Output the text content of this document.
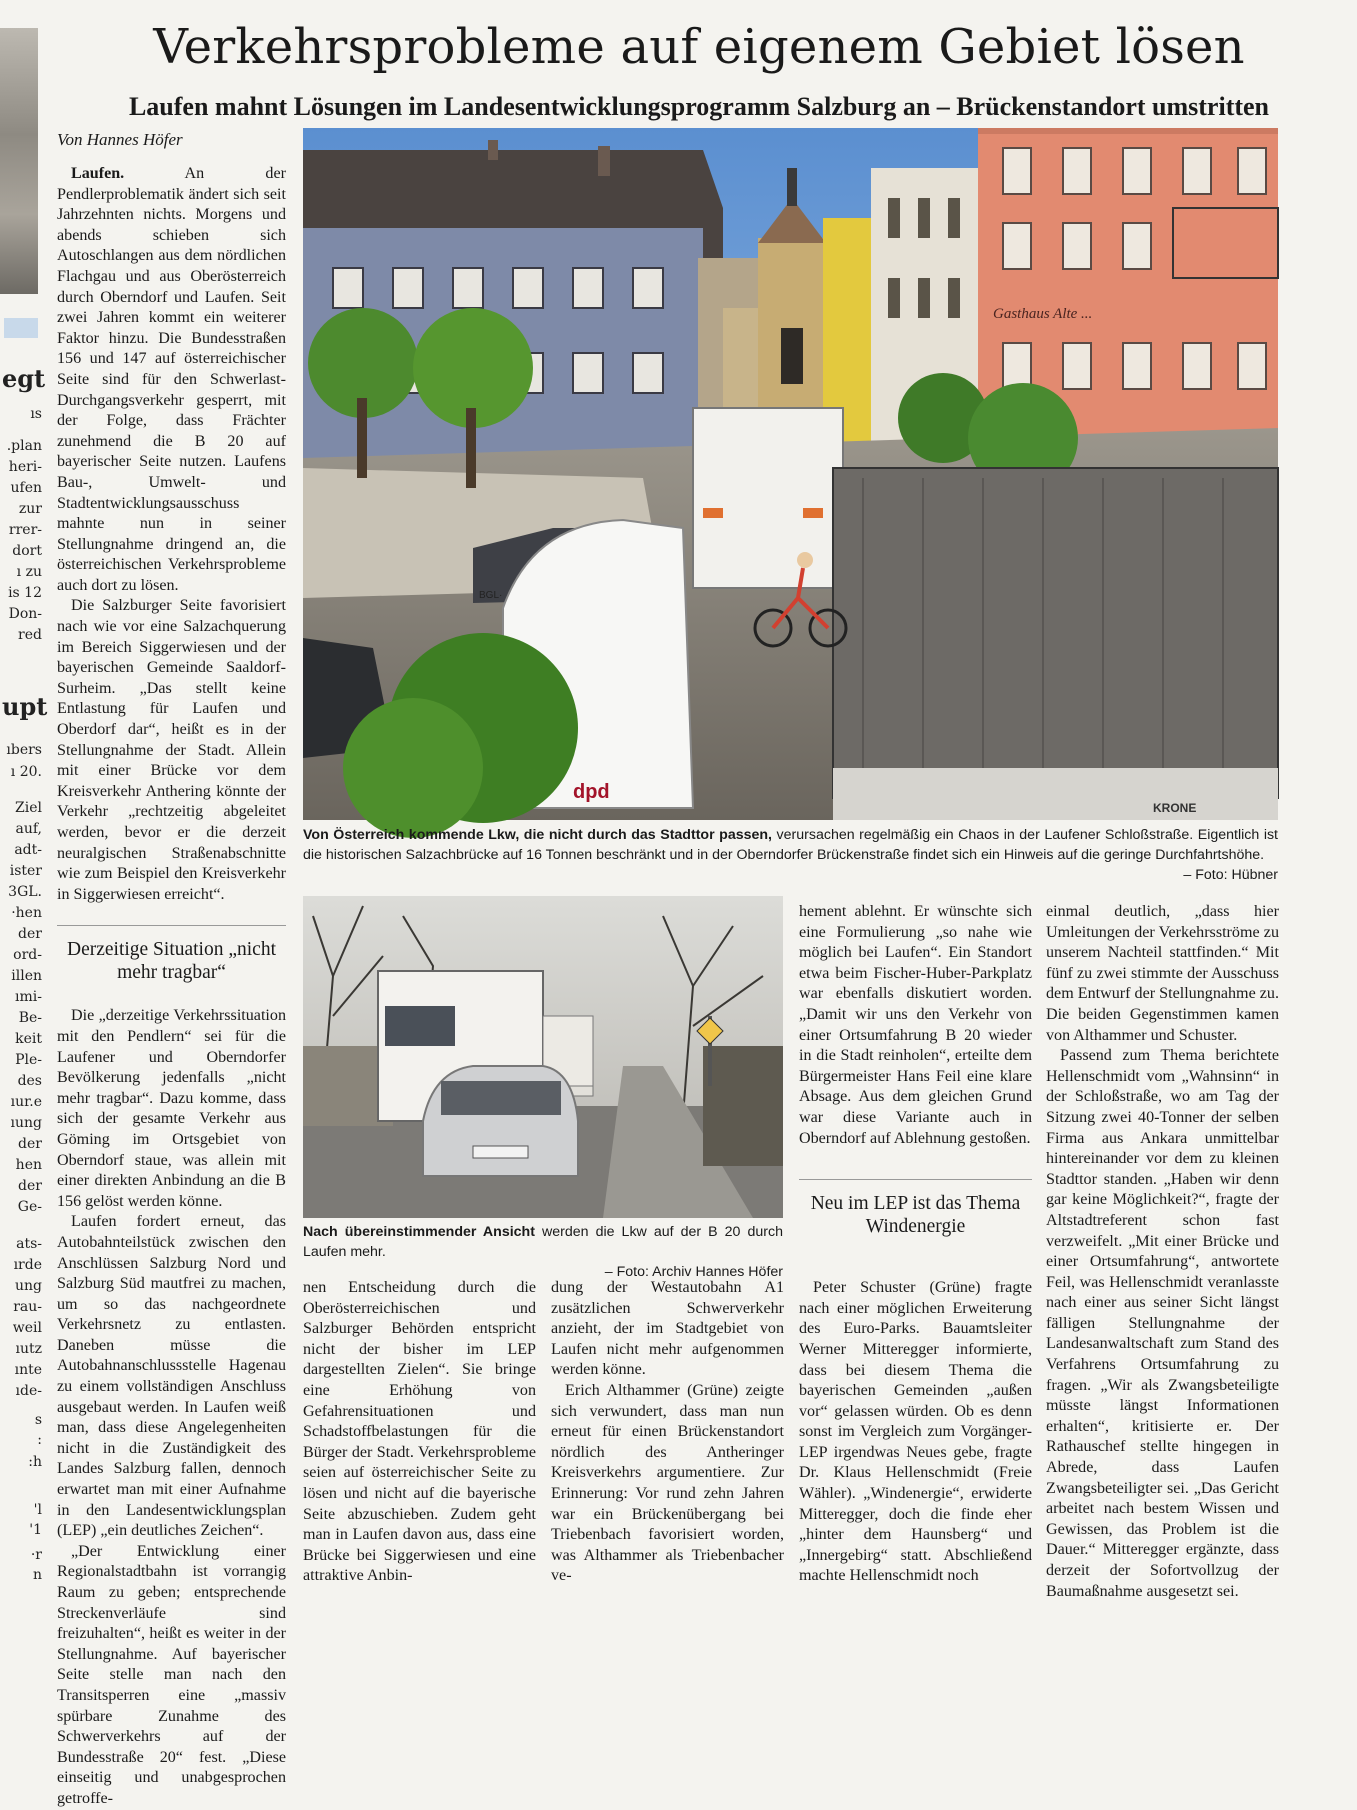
egt
ıs
.plan
heri-
ufen
zur
rrer-
dort
ı zu
is 12
Don-
red
upt
ıbers
ı 20.
Ziel
auf,
adt-
ister
3GL.
·hen
der
ord-
illen
ımi-
Be-
keit
Ple-
des
ıur.e
ıung
der
hen
der
Ge-
ats-
ırde
ung
rau-
weil
ıutz
ınte
ıde-
s
:
:h
'l
'1
·r
n
Verkehrsprobleme auf eigenem Gebiet lösen
Laufen mahnt Lösungen im Landesentwicklungsprogramm Salzburg an – Brückenstandort umstritten
Von Hannes Höfer

Laufen. An der Pendlerproblematik ändert sich seit Jahrzehnten nichts. Morgens und abends schieben sich Autoschlangen aus dem nördlichen Flachgau und aus Oberösterreich durch Oberndorf und Laufen. Seit zwei Jahren kommt ein weiterer Faktor hinzu. Die Bundesstraßen 156 und 147 auf österreichischer Seite sind für den Schwerlast-Durchgangsverkehr gesperrt, mit der Folge, dass Frächter zunehmend die B 20 auf bayerischer Seite nutzen. Laufens Bau-, Umwelt- und Stadtentwicklungsausschuss mahnte nun in seiner Stellungnahme dringend an, die österreichischen Verkehrsprobleme auch dort zu lösen.

Die Salzburger Seite favorisiert nach wie vor eine Salzachquerung im Bereich Siggerwiesen und der bayerischen Gemeinde Saaldorf-Surheim. „Das stellt keine Entlastung für Laufen und Oberdorf dar“, heißt es in der Stellungnahme der Stadt. Allein mit einer Brücke vor dem Kreisverkehr Anthering könnte der Verkehr „rechtzeitig abgeleitet werden, bevor er die derzeit neuralgischen Straßenabschnitte wie zum Beispiel den Kreisverkehr in Siggerwiesen erreicht“.

Derzeitige Situation „nicht mehr tragbar“

Die „derzeitige Verkehrssituation mit den Pendlern“ sei für die Laufener und Oberndorfer Bevölkerung jedenfalls „nicht mehr tragbar“. Dazu komme, dass sich der gesamte Verkehr aus Göming im Ortsgebiet von Oberndorf staue, was allein mit einer direkten Anbindung an die B 156 gelöst werden könne.

Laufen fordert erneut, das Autobahnteilstück zwischen den Anschlüssen Salzburg Nord und Salzburg Süd mautfrei zu machen, um so das nachgeordnete Verkehrsnetz zu entlasten. Daneben müsse die Autobahnanschlussstelle Hagenau zu einem vollständigen Anschluss ausgebaut werden. In Laufen weiß man, dass diese Angelegenheiten nicht in die Zuständigkeit des Landes Salzburg fallen, dennoch erwartet man mit einer Aufnahme in den Landesentwicklungsplan (LEP) „ein deutliches Zeichen“.

„Der Entwicklung einer Regionalstadtbahn ist vorrangig Raum zu geben; entsprechende Streckenverläufe sind freizuhalten“, heißt es weiter in der Stellungnahme. Auf bayerischer Seite stelle man nach den Transitsperren eine „massiv spürbare Zunahme des Schwerverkehrs auf der Bundesstraße 20“ fest. „Diese einseitig und unabgesprochen getroffe-

Gasthaus Alte ...
dpd
BGL·
KRONE
Von Österreich kommende Lkw, die nicht durch das Stadttor passen, verursachen regelmäßig ein Chaos in der Laufener Schloßstraße. Eigentlich ist die historischen Salzachbrücke auf 16 Tonnen beschränkt und in der Oberndorfer Brückenstraße findet sich ein Hinweis auf die geringe Durchfahrtshöhe.
– Foto: Hübner
Nach übereinstimmender Ansicht werden die Lkw auf der B 20 durch Laufen mehr.
– Foto: Archiv Hannes Höfer

nen Entscheidung durch die Oberösterreichischen und Salzburger Behörden entspricht nicht der bisher im LEP dargestellten Zielen“. Sie bringe eine Erhöhung von Gefahrensituationen und Schadstoffbelastungen für die Bürger der Stadt. Verkehrsprobleme seien auf österreichischer Seite zu lösen und nicht auf die bayerische Seite abzuschieben. Zudem geht man in Laufen davon aus, dass eine Brücke bei Siggerwiesen und eine attraktive Anbin-

dung der Westautobahn A1 zusätzlichen Schwerverkehr anzieht, der im Stadtgebiet von Laufen nicht mehr aufgenommen werden könne.

Erich Althammer (Grüne) zeigte sich verwundert, dass man nun erneut für einen Brückenstandort nördlich des Antheringer Kreisverkehrs argumentiere. Zur Erinnerung: Vor rund zehn Jahren war ein Brückenübergang bei Triebenbach favorisiert worden, was Althammer als Triebenbacher ve-

hement ablehnt. Er wünschte sich eine Formulierung „so nahe wie möglich bei Laufen“. Ein Standort etwa beim Fischer-Huber-Parkplatz war ebenfalls diskutiert worden. „Damit wir uns den Verkehr von einer Ortsumfahrung B 20 wieder in die Stadt reinholen“, erteilte dem Bürgermeister Hans Feil eine klare Absage. Aus dem gleichen Grund war diese Variante auch in Oberndorf auf Ablehnung gestoßen.

Neu im LEP ist das Thema Windenergie

Peter Schuster (Grüne) fragte nach einer möglichen Erweiterung des Euro-Parks. Bauamtsleiter Werner Mitteregger informierte, dass bei diesem Thema die bayerischen Gemeinden „außen vor“ gelassen würden. Ob es denn sonst im Vergleich zum Vorgänger-LEP irgendwas Neues gebe, fragte Dr. Klaus Hellenschmidt (Freie Wähler). „Windenergie“, erwiderte Mitteregger, doch die finde eher „hinter dem Haunsberg“ und „Innergebirg“ statt. Abschließend machte Hellenschmidt noch

einmal deutlich, „dass hier Umleitungen der Verkehrsströme zu unserem Nachteil stattfinden.“ Mit fünf zu zwei stimmte der Ausschuss dem Entwurf der Stellungnahme zu. Die beiden Gegenstimmen kamen von Althammer und Schuster.

Passend zum Thema berichtete Hellenschmidt vom „Wahnsinn“ in der Schloßstraße, wo am Tag der Sitzung zwei 40-Tonner der selben Firma aus Ankara unmittelbar hintereinander vor dem zu kleinen Stadttor standen. „Haben wir denn gar keine Möglichkeit?“, fragte der Altstadtreferent schon fast verzweifelt. „Mit einer Brücke und einer Ortsumfahrung“, antwortete Feil, was Hellenschmidt veranlasste nach einer aus seiner Sicht längst fälligen Stellungnahme der Landesanwaltschaft zum Stand des Verfahrens Ortsumfahrung zu fragen. „Wir als Zwangsbeteiligte müsste längst Informationen erhalten“, kritisierte er. Der Rathauschef stellte hingegen in Abrede, dass Laufen Zwangsbeteiligter sei. „Das Gericht arbeitet nach bestem Wissen und Gewissen, das Problem ist die Dauer.“ Mitteregger ergänzte, dass derzeit der Sofortvollzug der Baumaßnahme ausgesetzt sei.
